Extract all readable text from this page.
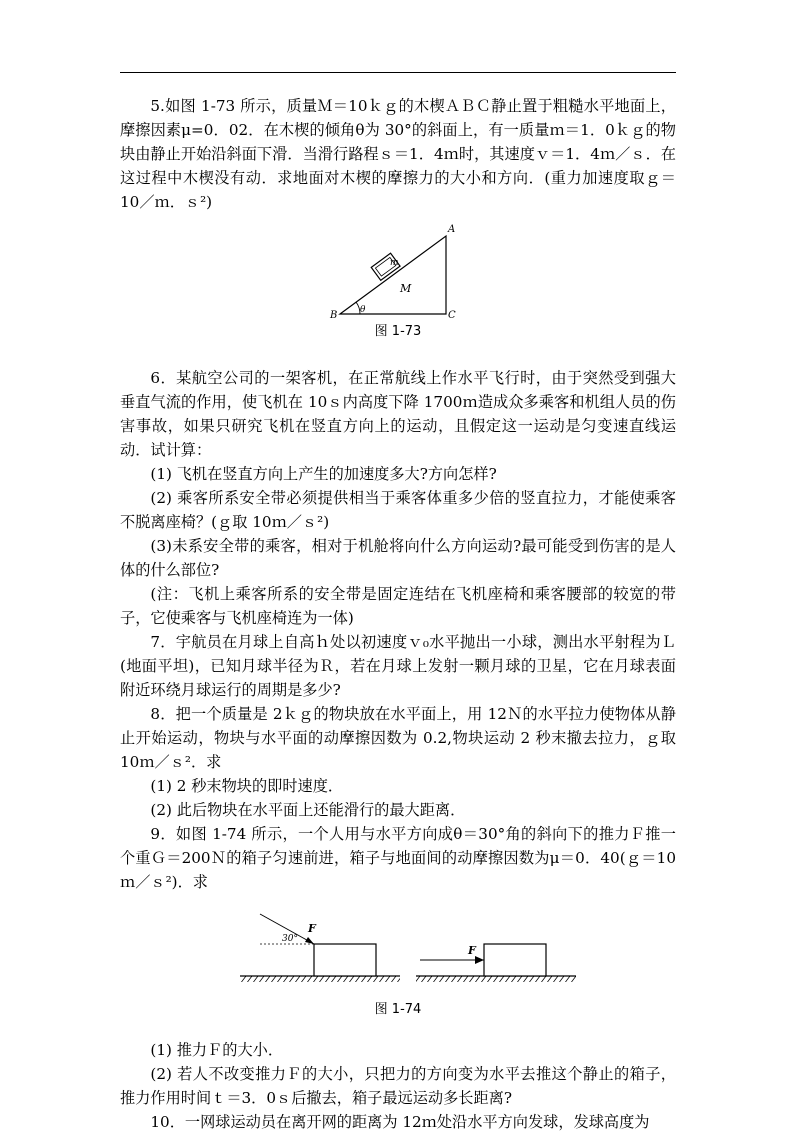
5.如图 1-73 所示，质量Ｍ＝10ｋｇ的木楔ＡＢＣ静止置于粗糙水平地面上，摩擦因素μ=0．02．在木楔的倾角θ为 30°的斜面上，有一质量ｍ＝1．0ｋｇ的物块由静止开始沿斜面下滑．当滑行路程ｓ＝1．4ｍ时，其速度ｖ＝1．4ｍ／ｓ．在这过程中木楔没有动．求地面对木楔的摩擦力的大小和方向．(重力加速度取ｇ＝10／ｍ．ｓ²)

m
M
A
B	C
θ
图 1-73

6．某航空公司的一架客机，在正常航线上作水平飞行时，由于突然受到强大垂直气流的作用，使飞机在 10ｓ内高度下降 1700ｍ造成众多乘客和机组人员的伤害事故，如果只研究飞机在竖直方向上的运动，且假定这一运动是匀变速直线运动．试计算：

(1) 飞机在竖直方向上产生的加速度多大?方向怎样?

(2) 乘客所系安全带必须提供相当于乘客体重多少倍的竖直拉力，才能使乘客不脱离座椅？(ｇ取 10ｍ／ｓ²)

(3)未系安全带的乘客，相对于机舱将向什么方向运动?最可能受到伤害的是人体的什么部位?

(注：飞机上乘客所系的安全带是固定连结在飞机座椅和乘客腰部的较宽的带子，它使乘客与飞机座椅连为一体)

7．宇航员在月球上自高ｈ处以初速度ｖ₀水平抛出一小球，测出水平射程为Ｌ(地面平坦)，已知月球半径为Ｒ，若在月球上发射一颗月球的卫星，它在月球表面附近环绕月球运行的周期是多少?

8．把一个质量是 2ｋｇ的物块放在水平面上，用 12Ｎ的水平拉力使物体从静止开始运动，物块与水平面的动摩擦因数为 0.2,物块运动 2 秒末撤去拉力，ｇ取 10ｍ／ｓ²．求

(1) 2 秒末物块的即时速度．

(2) 此后物块在水平面上还能滑行的最大距离．

9．如图 1-74 所示，一个人用与水平方向成θ＝30°角的斜向下的推力Ｆ推一个重Ｇ＝200Ｎ的箱子匀速前进，箱子与地面间的动摩擦因数为μ＝0．40(ｇ＝10ｍ／ｓ²)．求

30°
F
F
图 1-74

(1) 推力Ｆ的大小．

(2) 若人不改变推力Ｆ的大小，只把力的方向变为水平去推这个静止的箱子，推力作用时间ｔ＝3．0ｓ后撤去，箱子最远运动多长距离?

10．一网球运动员在离开网的距离为 12ｍ处沿水平方向发球，发球高度为
